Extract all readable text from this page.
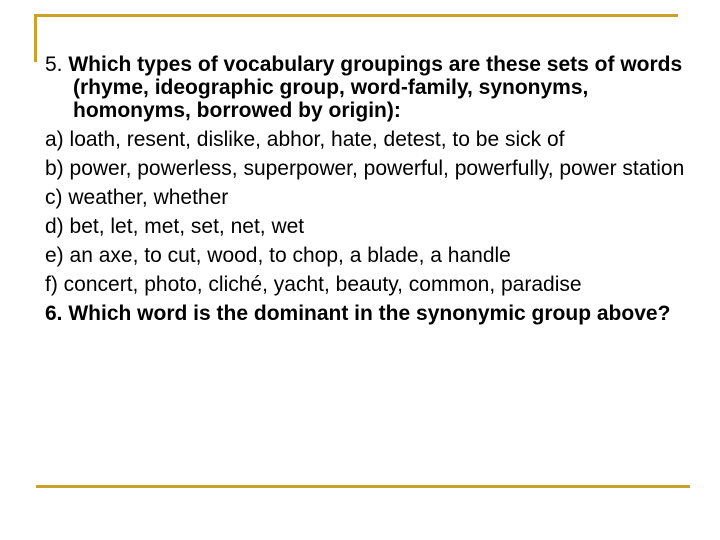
5. Which types of vocabulary groupings are these sets of words (rhyme, ideographic group, word-family, synonyms, homonyms, borrowed by origin):
a) loath, resent, dislike, abhor, hate, detest, to be sick of
b) power, powerless, superpower, powerful, powerfully, power station
c) weather, whether
d) bet, let, met, set, net, wet
e) an axe, to cut, wood, to chop, a blade, a handle
f) concert, photo, cliché, yacht, beauty, common, paradise
6. Which word is the dominant in the synonymic group above?
